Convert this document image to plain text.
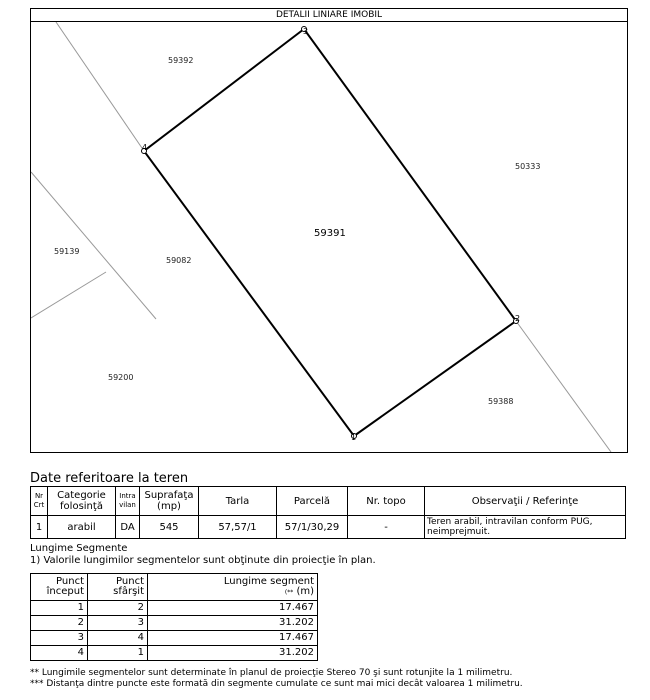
DETALII LINIARE IMOBIL
1
2
3
4
59391
59392
50333
59139
59082
59200
59388
Date referitoare la teren
Nr Crt	Categorie folosinţă	Intra vilan	Suprafaţa (mp)	Tarla	Parcelă	Nr. topo	Observaţii / Referinţe
1	arabil	DA	545	57,57/1	57/1/30,29	-	Teren arabil, intravilan conform PUG, neimprejmuit.
Lungime Segmente
1) Valorile lungimilor segmentelor sunt obţinute din proiecţie în plan.
Punct început	Punct sfârşit	Lungime segment
(** (m)
1	2	17.467
2	3	31.202
3	4	17.467
4	1	31.202
** Lungimile segmentelor sunt determinate în planul de proiecţie Stereo 70 şi sunt rotunjite la 1 milimetru.
*** Distanţa dintre puncte este formată din segmente cumulate ce sunt mai mici decât valoarea 1 milimetru.
